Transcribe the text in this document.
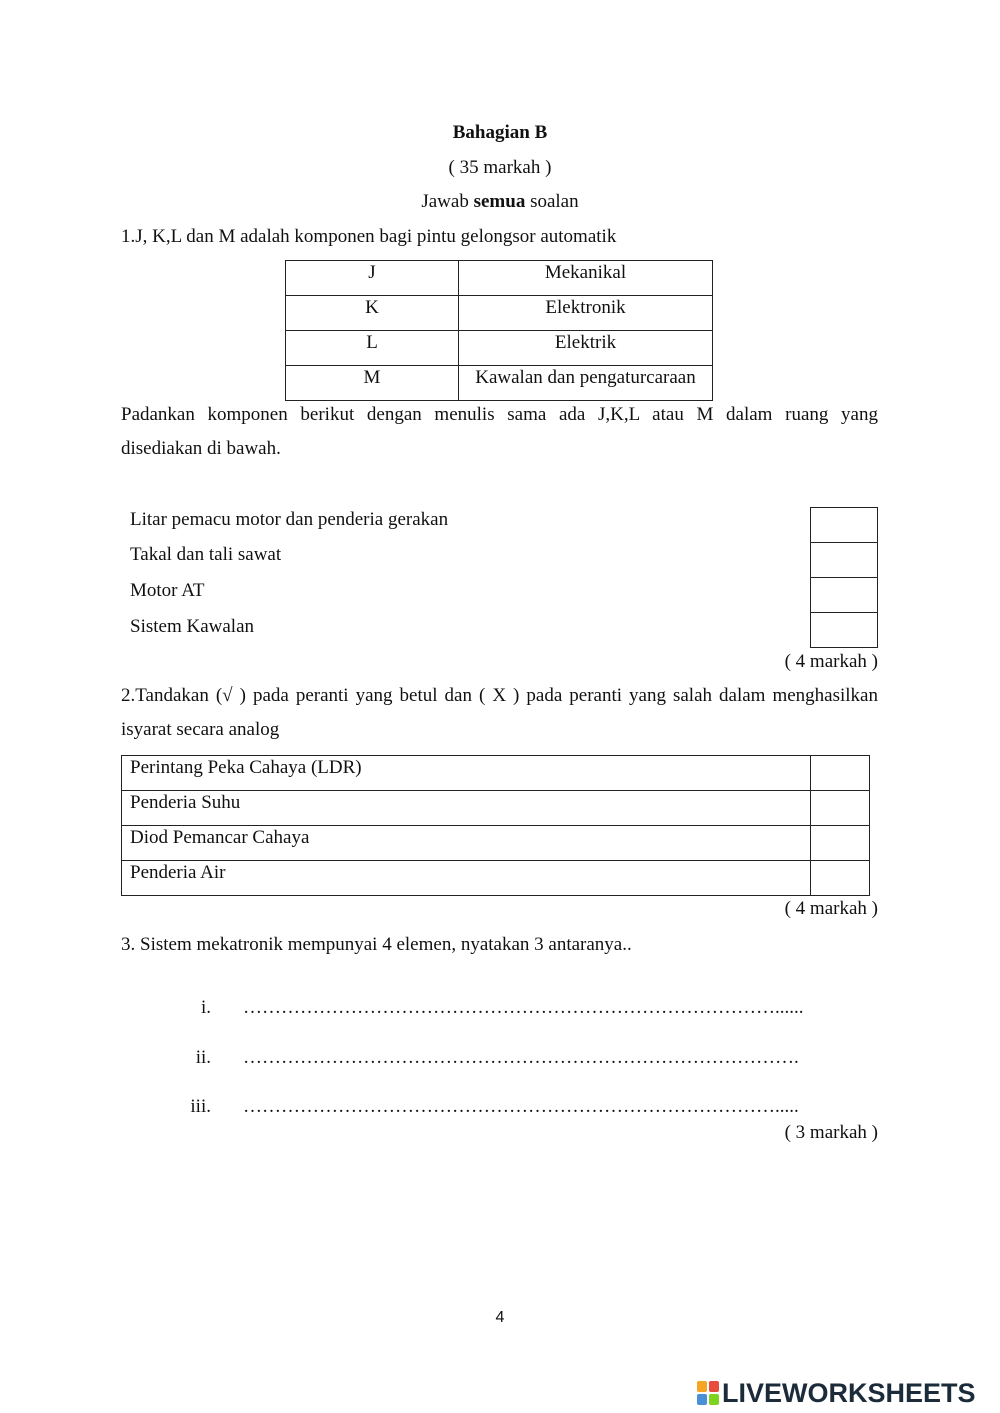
Bahagian B
( 35 markah )
Jawab semua soalan
1.J, K,L dan M adalah komponen bagi pintu gelongsor automatik
J	Mekanikal
K	Elektronik
L	Elektrik
M	Kawalan dan pengaturcaraan
Padankan komponen berikut dengan menulis sama ada J,K,L atau M dalam ruang yang
disediakan di bawah.
Litar pemacu motor dan penderia gerakan
Takal dan tali sawat
Motor AT
Sistem Kawalan
( 4 markah )
2.Tandakan (√ ) pada peranti yang betul dan ( X ) pada peranti yang salah dalam menghasilkan
isyarat secara analog
Perintang Peka Cahaya (LDR)	
Penderia Suhu	
Diod Pemancar Cahaya	
Penderia Air	
( 4 markah )
3. Sistem mekatronik mempunyai 4 elemen, nyatakan 3 antaranya..
i. …………………………………………………………………………......
ii. …………………………………………………………………………….
iii. ………………………………………………………………………….....
( 3 markah )
4
LIVEWORKSHEETS
